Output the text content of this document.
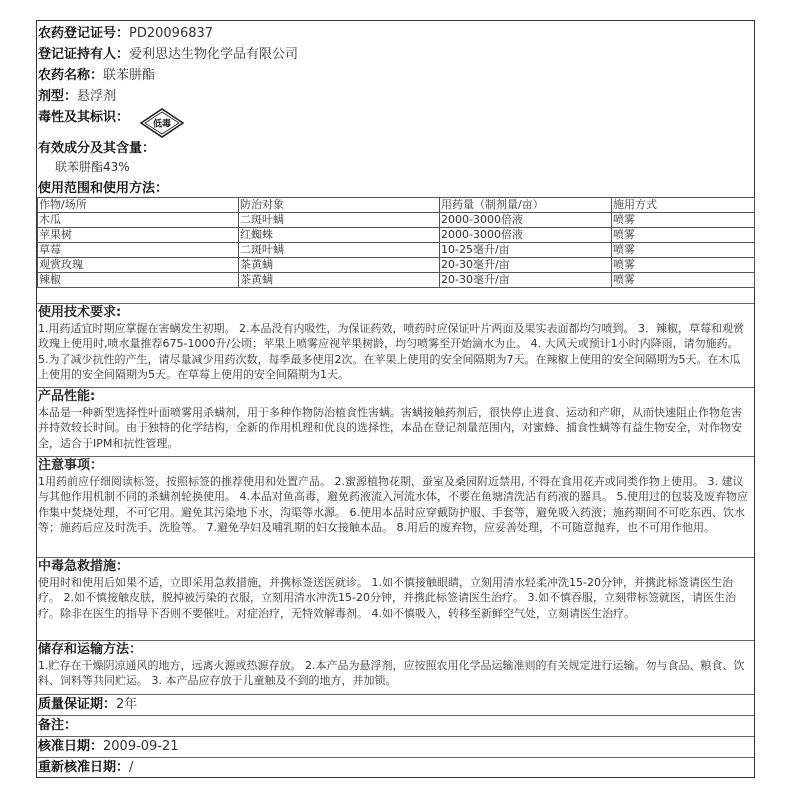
农药登记证号：PD20096837
登记证持有人：爱利思达生物化学品有限公司
农药名称：联苯肼酯
剂型：悬浮剂
毒性及其标识：	低毒
有效成分及其含量：
联苯肼酯43%
使用范围和使用方法：
作物/场所	防治对象	用药量（制剂量/亩）	施用方式
木瓜	二斑叶螨	2000-3000倍液	喷雾
苹果树	红蜘蛛	2000-3000倍液	喷雾
草莓	二斑叶螨	10-25毫升/亩	喷雾
观赏玫瑰	茶黄螨	20-30毫升/亩	喷雾
辣椒	茶黄螨	20-30毫升/亩	喷雾
使用技术要求:

1.用药适宜时期应掌握在害螨发生初期。 2.本品没有内吸性，为保证药效，喷药时应保证叶片两面及果实表面都均匀喷到。 3．辣椒，草莓和观赏玫瑰上使用时,喷水量推荐675-1000升/公顷；苹果上喷雾应视苹果树龄，均匀喷雾至开始滴水为止。 4. 大风天或预计1小时内降雨，请勿施药。 5.为了减少抗性的产生，请尽量减少用药次数，每季最多使用2次。在苹果上使用的安全间隔期为7天。在辣椒上使用的安全间隔期为5天。在木瓜上使用的安全间隔期为5天。在草莓上使用的安全间隔期为1天。

产品性能:

本品是一种新型选择性叶面喷雾用杀螨剂，用于多种作物防治植食性害螨。害螨接触药剂后，很快停止进食、运动和产卵，从而快速阻止作物危害并持效较长时间。由于独特的化学结构，全新的作用机理和优良的选择性，本品在登记剂量范围内，对蜜蜂、捕食性螨等有益生物安全，对作物安全，适合于IPM和抗性管理。

注意事项：

1用药前应仔细阅读标签，按照标签的推荐使用和处置产品。 2.蜜源植物花期，蚕室及桑园附近禁用, 不得在食用花卉或同类作物上使用。 3. 建议与其他作用机制不同的杀螨剂轮换使用。 4.本品对鱼高毒，避免药液流入河流水体，不要在鱼塘清洗沾有药液的器具。 5.使用过的包装及废弃物应作集中焚烧处理，不可它用。避免其污染地下水，沟渠等水源。 6.使用本品时应穿戴防护服、手套等，避免吸入药液；施药期间不可吃东西、饮水等；施药后应及时洗手、洗脸等。 7.避免孕妇及哺乳期的妇女接触本品。 8.用后的废弃物，应妥善处理，不可随意抛弃，也不可用作他用。

中毒急救措施：

使用时和使用后如果不适，立即采用急救措施，并携标签送医就诊。 1.如不慎接触眼睛，立刻用清水轻柔冲洗15-20分钟，并携此标签请医生治疗。 2.如不慎接触皮肤，脱掉被污染的衣服，立刻用清水冲洗15-20分钟，并携此标签请医生治疗。 3.如不慎吞服，立刻带标签就医，请医生治疗。除非在医生的指导下否则不要催吐。对症治疗，无特效解毒剂。 4.如不慎吸入，转移至新鲜空气处，立刻请医生治疗。

储存和运输方法：

1.贮存在干燥阴凉通风的地方，远离火源或热源存放。 2.本产品为悬浮剂，应按照农用化学品运输准则的有关规定进行运输。勿与食品、粮食、饮料、饲料等共同贮运。 3. 本产品应存放于儿童触及不到的地方，并加锁。

质量保证期：2年
备注：
核准日期：2009-09-21
重新核准日期：/
